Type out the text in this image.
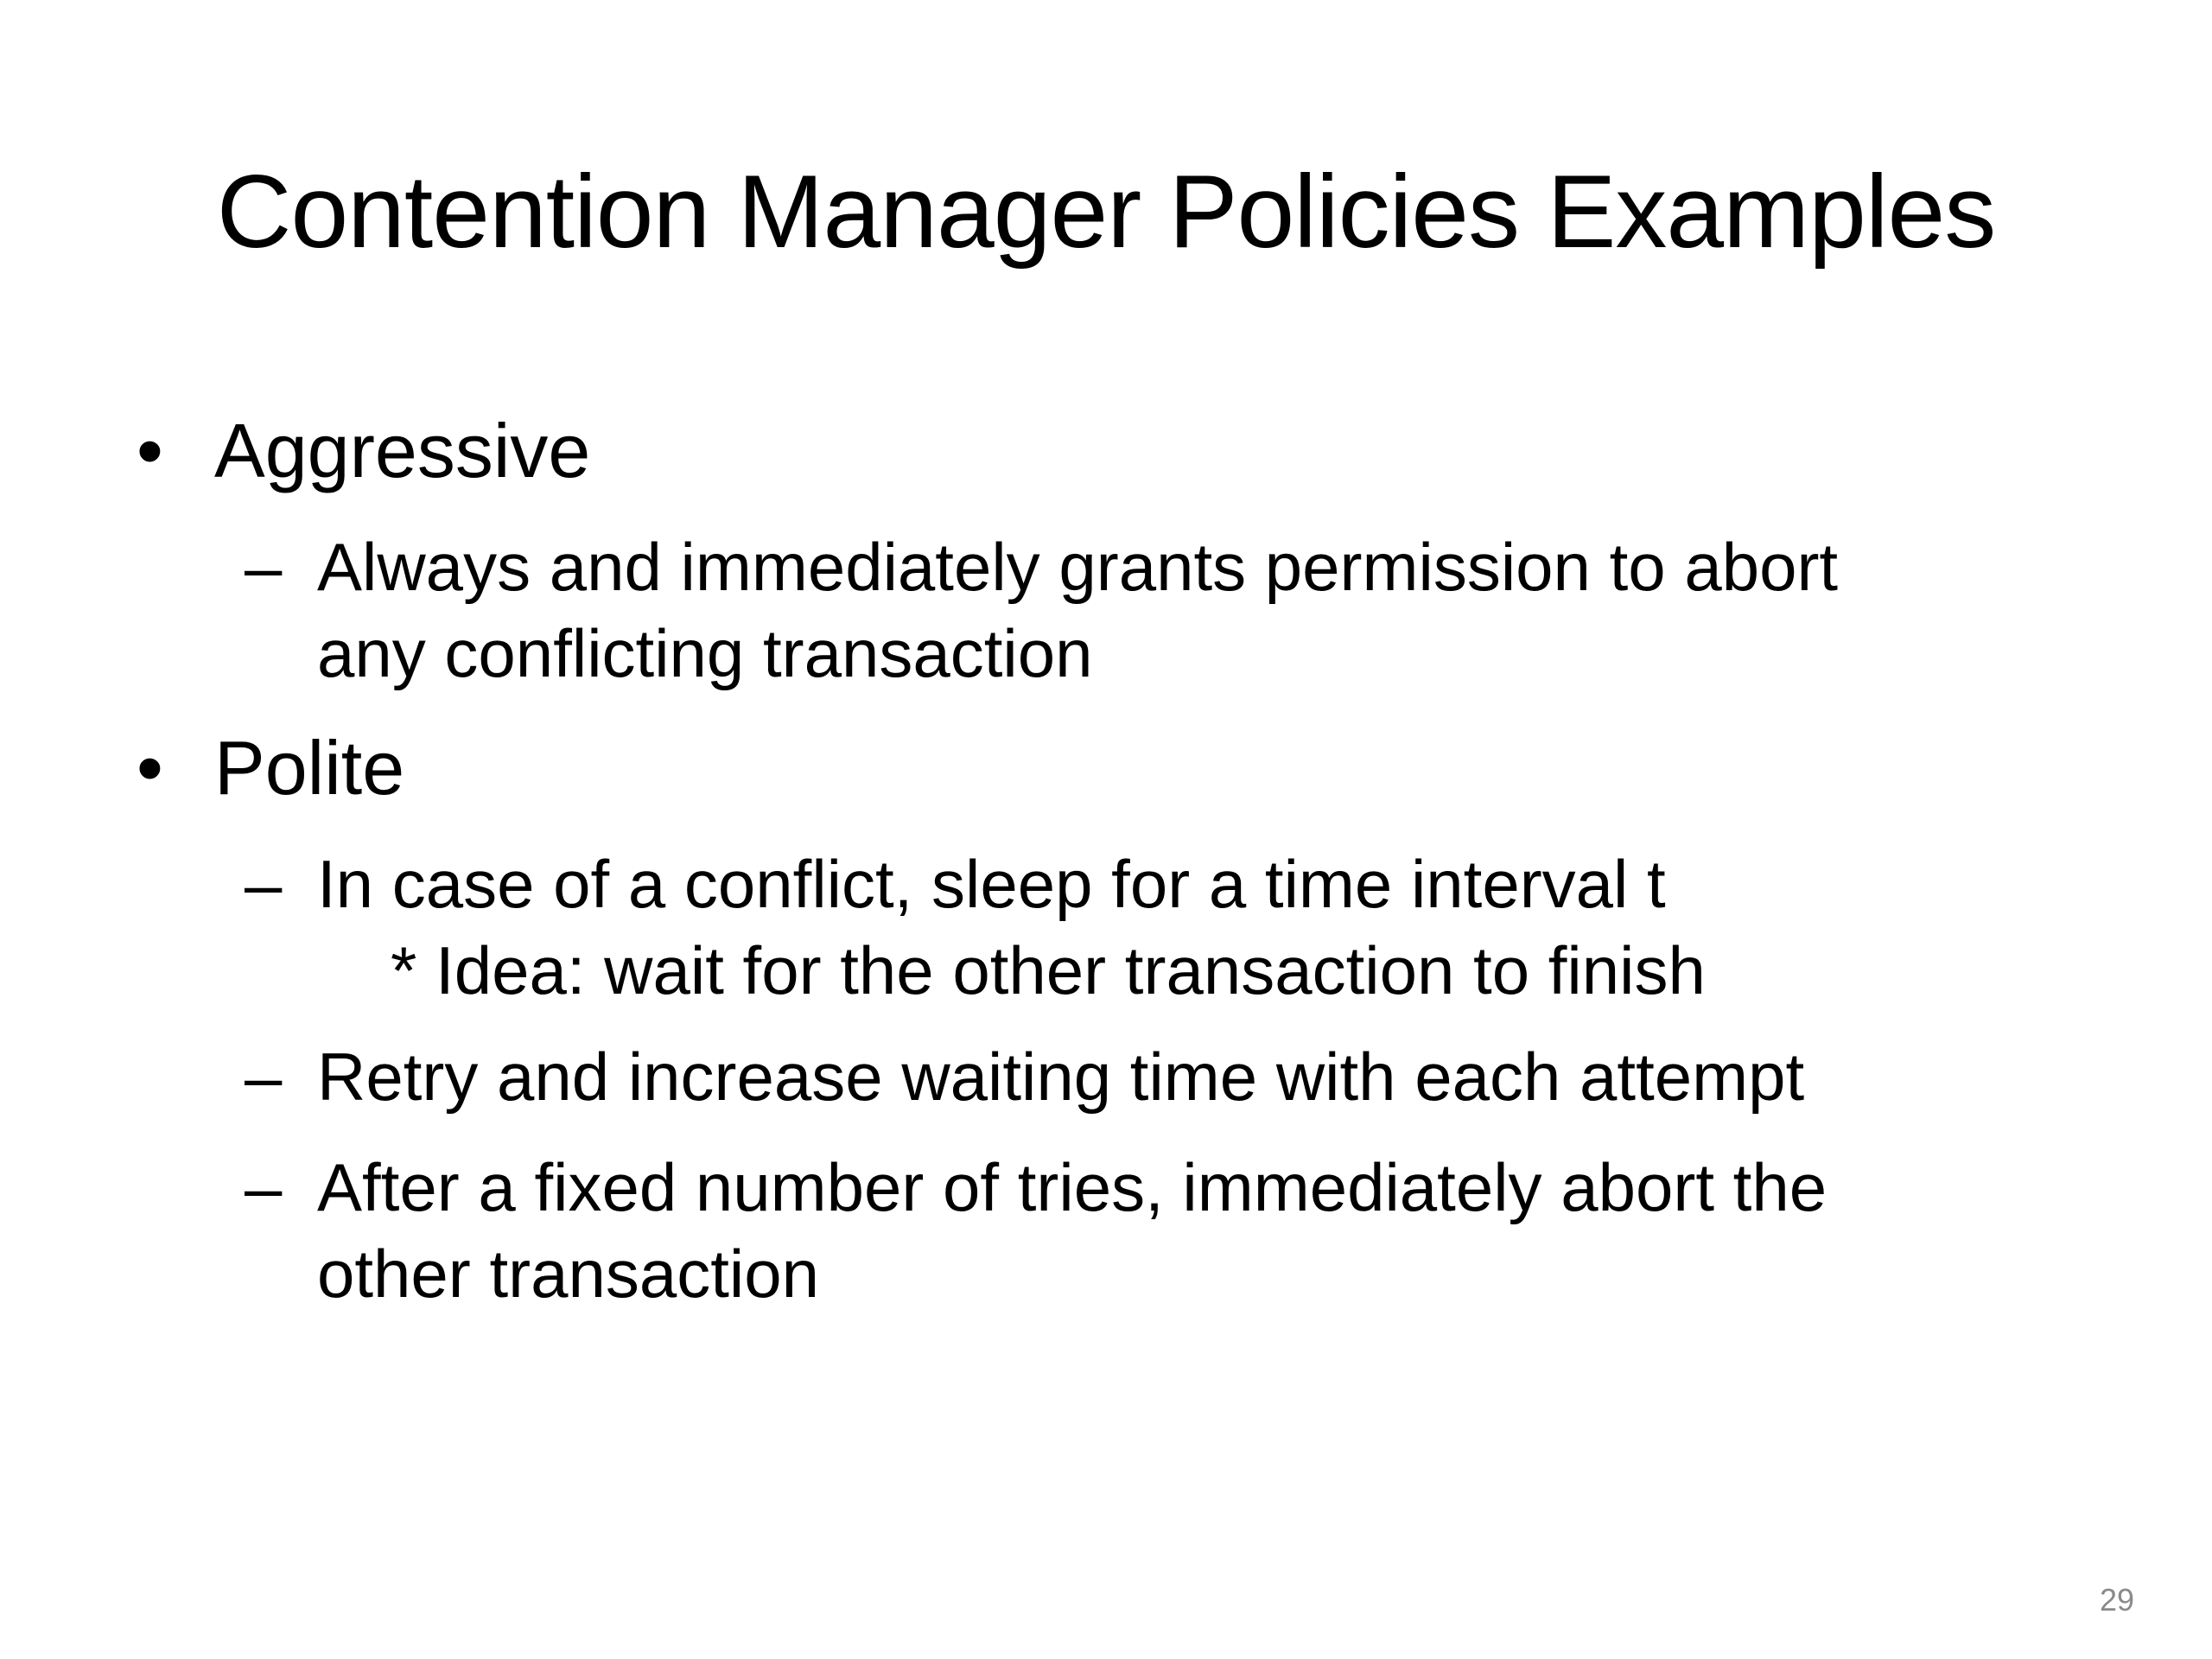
Contention Manager Policies Examples
• Aggressive
– Always and immediately grants permission to abort
any conflicting transaction
• Polite
– In case of a conflict, sleep for a time interval t
* Idea: wait for the other transaction to finish
– Retry and increase waiting time with each attempt
– After a fixed number of tries, immediately abort the
other transaction
29
